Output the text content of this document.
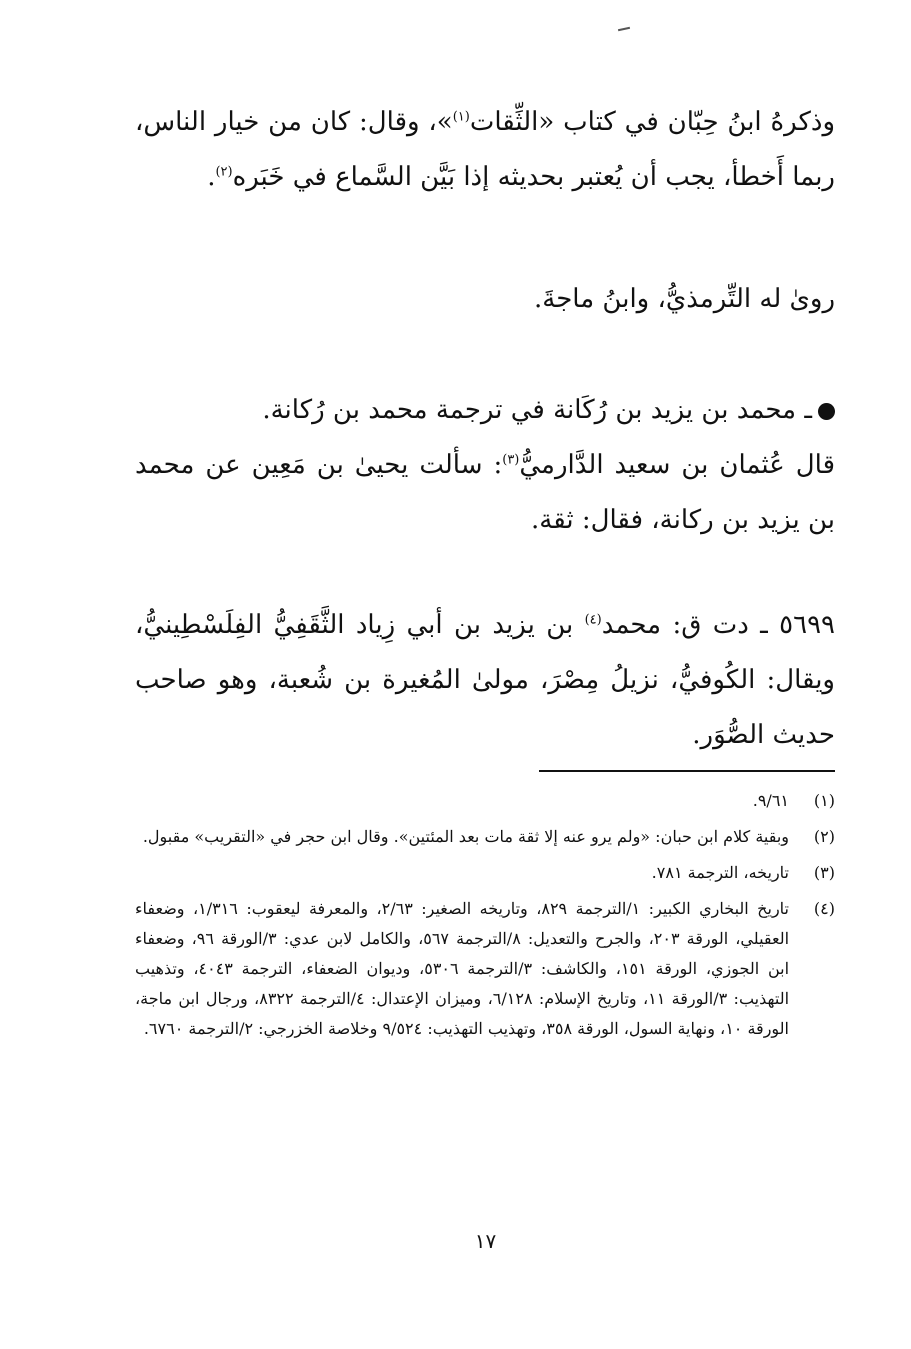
وذكرهُ ابنُ حِبّان في كتاب «الثِّقات$^{(١)}$»، وقال: كان من خيار الناس، ربما أَخطأ، يجب أن يُعتبر بحديثه إذا بَيَّن السَّماع في خَبَره$^{(٢)}$.
روىٰ له التِّرمذيُّ، وابنُ ماجةَ.
ـ محمد بن يزيد بن رُكَانة في ترجمة محمد بن رُكانة.
قال عُثمان بن سعيد الدَّارميُّ$^{(٣)}$: سألت يحيىٰ بن مَعِين عن محمد بن يزيد بن ركانة، فقال: ثقة.
٥٦٩٩ ـ دت ق: محمد$^{(٤)}$ بن يزيد بن أبي زِياد الثَّقَفِيُّ الفِلَسْطِينيُّ، ويقال: الكُوفيُّ، نزيلُ مِصْرَ، مولىٰ المُغيرة بن شُعبة، وهو صاحب حديث الصُّوَر.
(١)
٩/٦١.
(٢)
وبقية كلام ابن حبان: «ولم يرو عنه إلا ثقة مات بعد المئتين». وقال ابن حجر في «التقريب» مقبول.
(٣)
تاريخه، الترجمة ٧٨١.
(٤)
تاريخ البخاري الكبير: ١/الترجمة ٨٢٩، وتاريخه الصغير: ٢/٦٣، والمعرفة ليعقوب: ١/٣١٦، وضعفاء العقيلي، الورقة ٢٠٣، والجرح والتعديل: ٨/الترجمة ٥٦٧، والكامل لابن عدي: ٣/الورقة ٩٦، وضعفاء ابن الجوزي، الورقة ١٥١، والكاشف: ٣/الترجمة ٥٣٠٦، وديوان الضعفاء، الترجمة ٤٠٤٣، وتذهيب التهذيب: ٣/الورقة ١١، وتاريخ الإسلام: ٦/١٢٨، وميزان الإعتدال: ٤/الترجمة ٨٣٢٢، ورجال ابن ماجة، الورقة ١٠، ونهاية السول، الورقة ٣٥٨، وتهذيب التهذيب: ٩/٥٢٤ وخلاصة الخزرجي: ٢/الترجمة ٦٧٦٠.
١٧
